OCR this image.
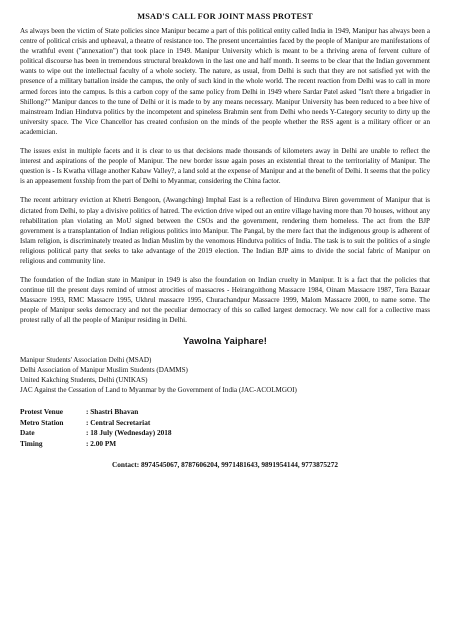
MSAD'S CALL FOR JOINT MASS PROTEST

As always been the victim of State policies since Manipur became a part of this political entity called India in 1949, Manipur has always been a centre of political crisis and upheaval, a theatre of resistance too. The present uncertainties faced by the people of Manipur are manifestations of the wrathful event ("annexation") that took place in 1949. Manipur University which is meant to be a thriving arena of fervent culture of political discourse has been in tremendous structural breakdown in the last one and half month. It seems to be clear that the Indian government wants to wipe out the intellectual faculty of a whole society. The nature, as usual, from Delhi is such that they are not satisfied yet with the presence of a military battalion inside the campus, the only of such kind in the whole world. The recent reaction from Delhi was to call in more armed forces into the campus. Is this a carbon copy of the same policy from Delhi in 1949 where Sardar Patel asked "Isn't there a brigadier in Shillong?" Manipur dances to the tune of Delhi or it is made to by any means necessary. Manipur University has been reduced to a bee hive of mainstream Indian Hindutva politics by the incompetent and spineless Brahmin sent from Delhi who needs Y-Category security to dirty up the university space. The Vice Chancellor has created confusion on the minds of the people whether the RSS agent is a military officer or an academician.

The issues exist in multiple facets and it is clear to us that decisions made thousands of kilometers away in Delhi are unable to reflect the interest and aspirations of the people of Manipur. The new border issue again poses an existential threat to the territoriality of Manipur. The question is - Is Kwatha village another Kabaw Valley?, a land sold at the expense of Manipur and at the benefit of Delhi. It seems that the policy is an appeasement foxship from the part of Delhi to Myanmar, considering the China factor.

The recent arbitrary eviction at Khetri Bengoon, (Awangching) Imphal East is a reflection of Hindutva Biren government of Manipur that is dictated from Delhi, to play a divisive politics of hatred. The eviction drive wiped out an entire village having more than 70 houses, without any rehabilitation plan violating an MoU signed between the CSOs and the government, rendering them homeless. The act from the BJP government is a transplantation of Indian religious politics into Manipur. The Pangal, by the mere fact that the indigenous group is adherent of Islam religion, is discriminately treated as Indian Muslim by the venomous Hindutva politics of India. The task is to suit the politics of a single religious political party that seeks to take advantage of the 2019 election. The Indian BJP aims to divide the social fabric of Manipur on religious and community line.

The foundation of the Indian state in Manipur in 1949 is also the foundation on Indian cruelty in Manipur. It is a fact that the policies that continue till the present days remind of utmost atrocities of massacres - Heirangoithong Massacre 1984, Oinam Massacre 1987, Tera Bazaar Massacre 1993, RMC Massacre 1995, Ukhrul massacre 1995, Churachandpur Massacre 1999, Malom Massacre 2000, to name some. The people of Manipur seeks democracy and not the peculiar democracy of this so called largest democracy. We now call for a collective mass protest rally of all the people of Manipur residing in Delhi.

Yawolna Yaiphare!
Manipur Students' Association Delhi (MSAD)
Delhi Association of Manipur Muslim Students (DAMMS)
United Kakching Students, Delhi (UNIKAS)
JAC Against the Cessation of Land to Myanmar by the Government of India (JAC-ACOLMGOI)
Protest Venue	: Shastri Bhavan
Metro Station	: Central Secretariat
Date	: 18 July (Wednesday) 2018
Timing	: 2.00 PM
Contact: 8974545067, 8787606204, 9971481643, 9891954144, 9773875272
